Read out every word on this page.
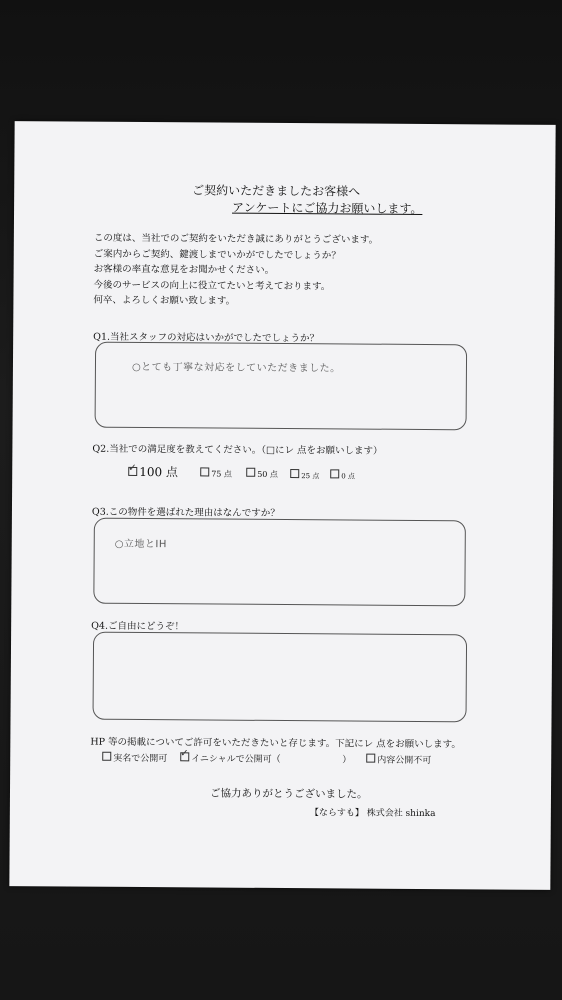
ご契約いただきましたお客様へ
アンケートにご協力お願いします。
この度は、当社でのご契約をいただき誠にありがとうございます。
ご案内からご契約、鍵渡しまでいかがでしたでしょうか？
お客様の率直な意見をお聞かせください。
今後のサービスの向上に役立てたいと考えております。
何卒、よろしくお願い致します。
Q1.当社スタッフの対応はいかがでしたでしょうか？
○とても丁寧な対応をしていただきました。
Q2.当社での満足度を教えてください。（□にレ 点をお願いします）
✓100 点	75 点	50 点	25 点	0 点
Q3.この物件を選ばれた理由はなんですか？
○立地とIH
Q4.ご自由にどうぞ！
HP 等の掲載についてご許可をいただきたいと存じます。下記にレ 点をお願いします。
実名で公開可
✓	イニシャルで公開可（	）	内容公開不可
ご協力ありがとうございました。
【ならすも】 株式会社 shinka
